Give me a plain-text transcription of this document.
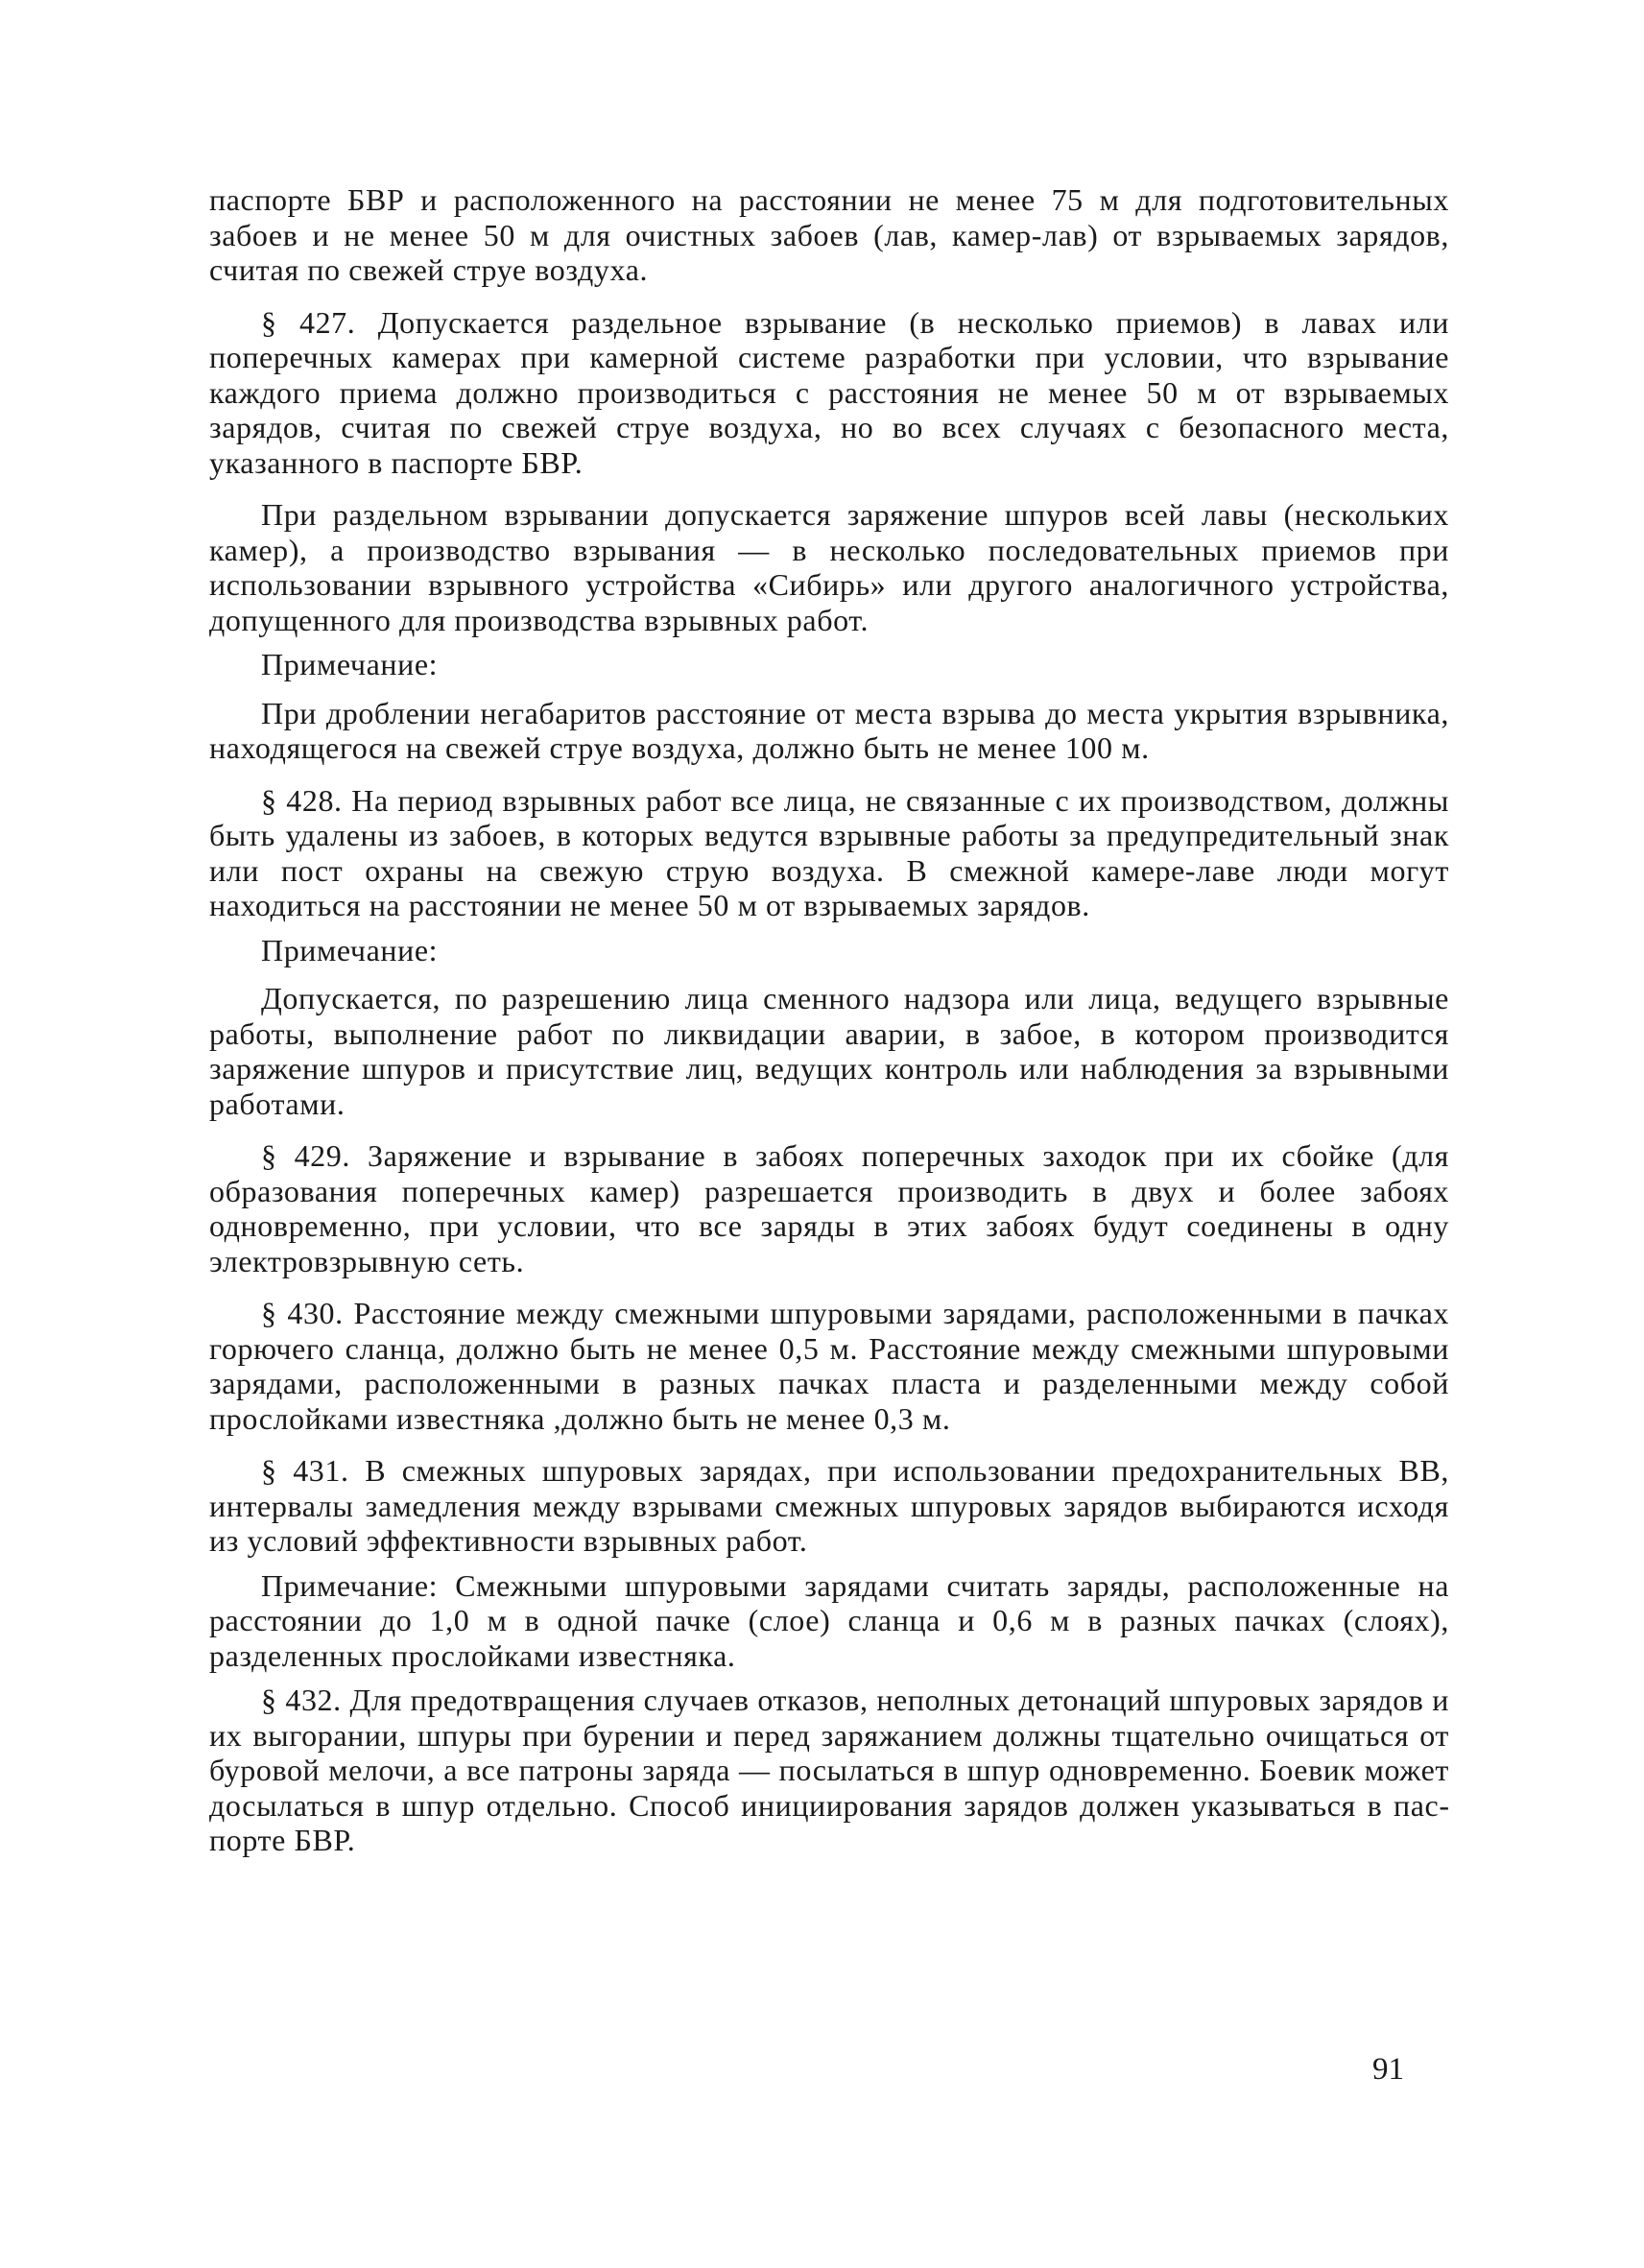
паспорте БВР и расположенного на расстоянии не менее 75 м для подготовительных забоев и не менее 50 м для очистных забоев (лав, камер-лав) от взрываемых зарядов, считая по свежей струе воздуха.

§ 427. Допускается раздельное взрывание (в несколько приемов) в лавах или поперечных камерах при камерной системе разработки при условии, что взрывание каждого приема должно производиться с расстояния не менее 50 м от взрываемых зарядов, считая по свежей струе воздуха, но во всех случаях с безопасного места, указанного в паспорте БВР.

При раздельном взрывании допускается заряжение шпуров всей лавы (нескольких камер), а производство взрывания — в несколько последовательных приемов при использовании взрывного устройства «Сибирь» или другого аналогичного устройства, допущенного для производства взрывных работ.

Примечание:

При дроблении негабаритов расстояние от места взрыва до места укрытия взрывника, находящегося на свежей струе воздуха, должно быть не менее 100 м.

§ 428. На период взрывных работ все лица, не связанные с их производством, должны быть удалены из забоев, в которых ведутся взрывные работы за предупредительный знак или пост охраны на свежую струю воздуха. В смежной камере-лаве люди могут находиться на расстоянии не менее 50 м от взрываемых зарядов.

Примечание:

Допускается, по разрешению лица сменного надзора или лица, ведущего взрывные работы, выполнение работ по ликвидации аварии, в забое, в котором производится заряжение шпуров и присутствие лиц, ведущих контроль или наблюдения за взрывными работами.

§ 429. Заряжение и взрывание в забоях поперечных заходок при их сбойке (для образования поперечных камер) разрешается производить в двух и более забоях одновременно, при условии, что все заряды в этих забоях будут соединены в одну электровзрывную сеть.

§ 430. Расстояние между смежными шпуровыми зарядами, расположенными в пачках горючего сланца, должно быть не менее 0,5 м. Расстояние между смежными шпуровыми зарядами, расположенными в разных пачках пласта и разделенными между собой прослойками известняка ,должно быть не менее 0,3 м.

§ 431. В смежных шпуровых зарядах, при использовании предохранительных ВВ, интервалы замедления между взрывами смежных шпуровых зарядов выбираются исходя из условий эффективности взрывных работ.

Примечание: Смежными шпуровыми зарядами считать заряды, расположенные на расстоянии до 1,0 м в одной пачке (слое) сланца и 0,6 м в разных пачках (слоях), разделенных прослойками известняка.

§ 432. Для предотвращения случаев отказов, неполных детонаций шпуровых зарядов и их выгорании, шпуры при бурении и перед заряжанием должны тщательно очищаться от буровой мелочи, а все патроны заряда — посылаться в шпур одновременно. Боевик может досылаться в шпур отдельно. Способ инициирования зарядов должен указываться в паспорте БВР.

91
